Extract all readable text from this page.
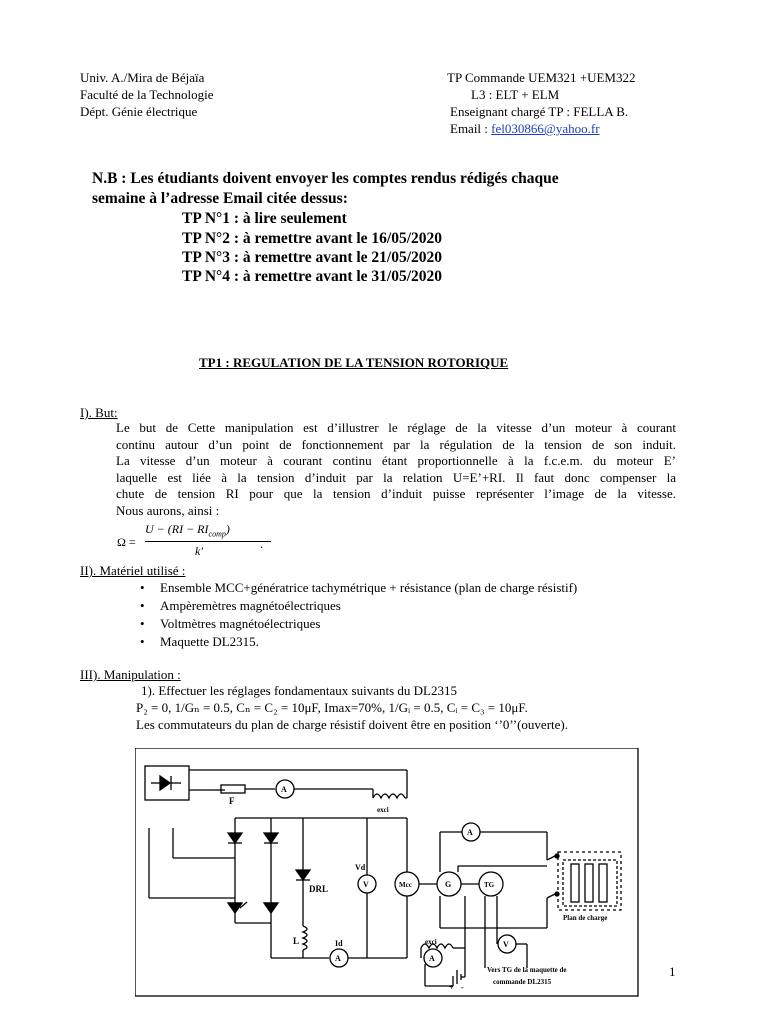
Univ. A./Mira de Béjaïa
Faculté de la Technologie
Dépt. Génie électrique
TP Commande UEM321 +UEM322
L3 : ELT + ELM
Enseignant chargé TP : FELLA B.
Email : fel030866@yahoo.fr
N.B : Les étudiants doivent envoyer les comptes rendus rédigés chaque
semaine à l’adresse Email citée dessus:
TP N°1 : à lire seulement
TP N°2 : à remettre avant le 16/05/2020
TP N°3 : à remettre avant le 21/05/2020
TP N°4 : à remettre avant le 31/05/2020
TP1 : REGULATION DE LA TENSION ROTORIQUE
I). But:
Le but de Cette manipulation est d’illustrer le réglage de la vitesse d’un moteur à courant
continu autour d’un point de fonctionnement par la régulation de la tension de son induit.
La vitesse d’un moteur à courant continu étant proportionnelle à la f.c.e.m. du moteur E’
laquelle est liée à la tension d’induit par la relation U=E’+RI. Il faut donc compenser la
chute de tension RI pour que la tension d’induit puisse représenter l’image de la vitesse.
Nous aurons, ainsi :
Ω =
$U - (RI - RI_{comp})$
k'	.
II). Matériel utilisé :
• Ensemble MCC+génératrice tachymétrique + résistance (plan de charge résistif)
• Ampèremètres magnétoélectriques
• Voltmètres magnétoélectriques
• Maquette DL2315.
III). Manipulation :
1). Effectuer les réglages fondamentaux suivants du DL2315
P₂ = 0, 1/Gₙ = 0.5, Cₙ = C₂ = 10μF, Imax=70%, 1/Gᵢ = 0.5, Cᵢ = C₃ = 10μF.
Les commutateurs du plan de charge résistif doivent être en position ‘’0’’(ouverte).
F
A
exci
DRL
Vd
V	Mcc	G	TG
A
L	Id
A
exci
A
V
Plan de charge
Vers TG de la maquette de
commande DL2315
+ -
1
